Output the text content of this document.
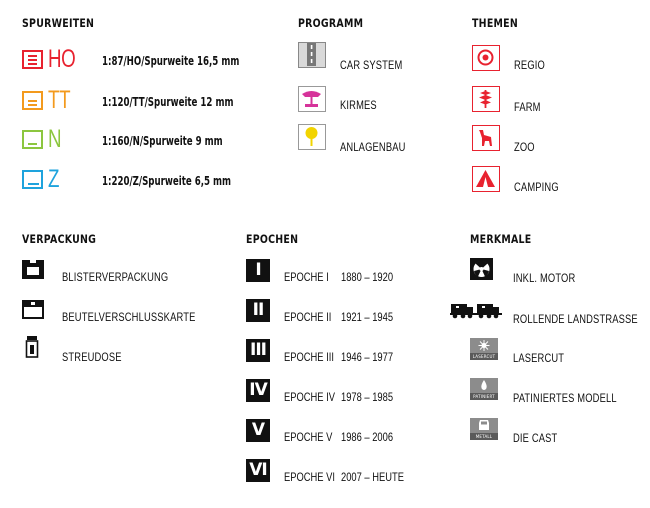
SPURWEITEN
HO 1:87/HO/Spurweite 16,5 mm
TT	1:120/TT/Spurweite 12 mm
N	1:160/N/Spurweite 9 mm
Z	1:220/Z/Spurweite 6,5 mm
PROGRAMM
CAR SYSTEM
KIRMES
ANLAGENBAU
THEMEN
REGIO
FARM
ZOO
CAMPING
VERPACKUNG
BLISTERVERPACKUNG
BEUTELVERSCHLUSSKARTE
STREUDOSE
EPOCHEN
I	EPOCHE I 1880 – 1920
II	EPOCHE II 1921 – 1945
III	EPOCHE III 1946 – 1977
IV EPOCHE IV 1978 – 1985
V	EPOCHE V 1986 – 2006
VI EPOCHE VI 2007 – HEUTE
MERKMALE
INKL. MOTOR
ROLLENDE LANDSTRASSE
LASERCUT LASERCUT
PATINIERT PATINIERTES MODELL
METALL	DIE CAST
